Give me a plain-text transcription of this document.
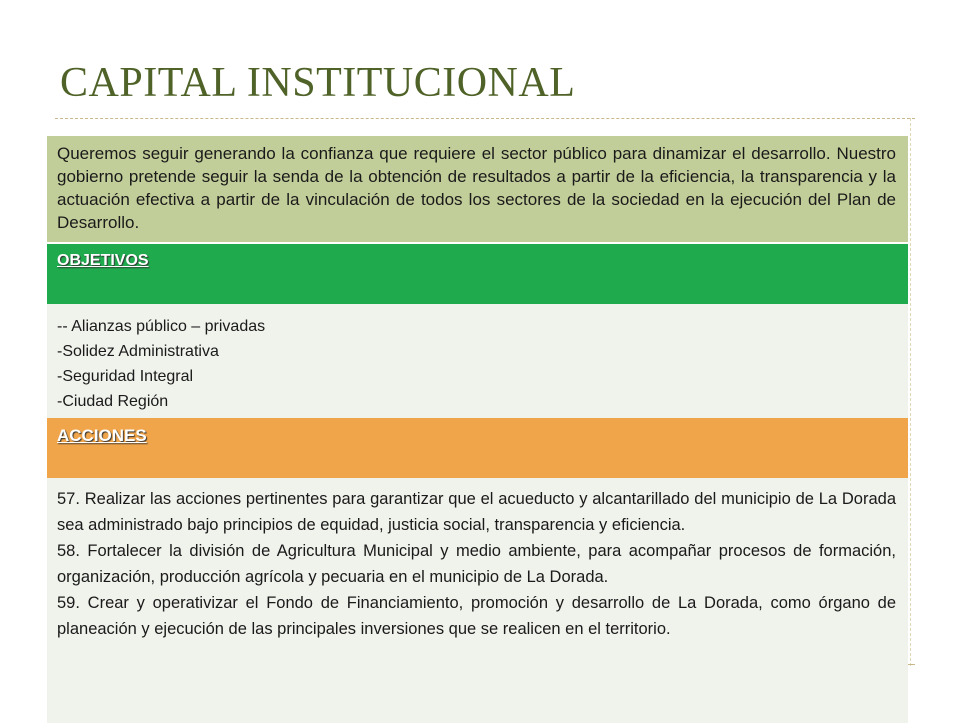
CAPITAL INSTITUCIONAL
Queremos seguir generando la confianza que requiere el sector público para dinamizar el desarrollo. Nuestro gobierno pretende seguir la senda de la obtención de resultados a partir de la eficiencia, la transparencia y la actuación efectiva a partir de la vinculación de todos los sectores de la sociedad en la ejecución del Plan de Desarrollo.
OBJETIVOS
-- Alianzas público – privadas
-Solidez Administrativa
-Seguridad Integral
-Ciudad Región
ACCIONES
57. Realizar las acciones pertinentes para garantizar que el acueducto y alcantarillado del municipio de La Dorada sea administrado bajo principios de equidad, justicia social, transparencia y eficiencia.
58. Fortalecer la división de Agricultura Municipal y medio ambiente, para acompañar procesos de formación, organización, producción agrícola y pecuaria en el municipio de La Dorada.
59. Crear y operativizar el Fondo de Financiamiento, promoción y desarrollo de La Dorada, como órgano de planeación y ejecución de las principales inversiones que se realicen en el territorio.
